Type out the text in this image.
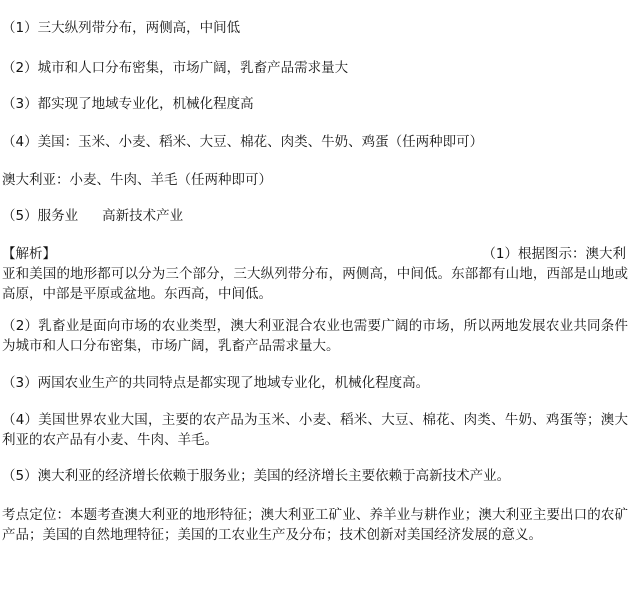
（1）三大纵列带分布，两侧高，中间低
（2）城市和人口分布密集，市场广阔，乳畜产品需求量大
（3）都实现了地域专业化，机械化程度高
（4）美国：玉米、小麦、稻米、大豆、棉花、肉类、牛奶、鸡蛋（任两种即可）
澳大利亚：小麦、牛肉、羊毛（任两种即可）
（5）服务业 高新技术产业
【解析】	（1）根据图示：澳大利
亚和美国的地形都可以分为三个部分，三大纵列带分布，两侧高，中间低。东部都有山地，西部是山地或高原，中部是平原或盆地。东西高，中间低。
（2）乳畜业是面向市场的农业类型，澳大利亚混合农业也需要广阔的市场，所以两地发展农业共同条件为城市和人口分布密集，市场广阔，乳畜产品需求量大。
（3）两国农业生产的共同特点是都实现了地域专业化，机械化程度高。
（4）美国世界农业大国，主要的农产品为玉米、小麦、稻米、大豆、棉花、肉类、牛奶、鸡蛋等；澳大利亚的农产品有小麦、牛肉、羊毛。
（5）澳大利亚的经济增长依赖于服务业；美国的经济增长主要依赖于高新技术产业。
考点定位：本题考查澳大利亚的地形特征；澳大利亚工矿业、养羊业与耕作业；澳大利亚主要出口的农矿产品；美国的自然地理特征；美国的工农业生产及分布；技术创新对美国经济发展的意义。
